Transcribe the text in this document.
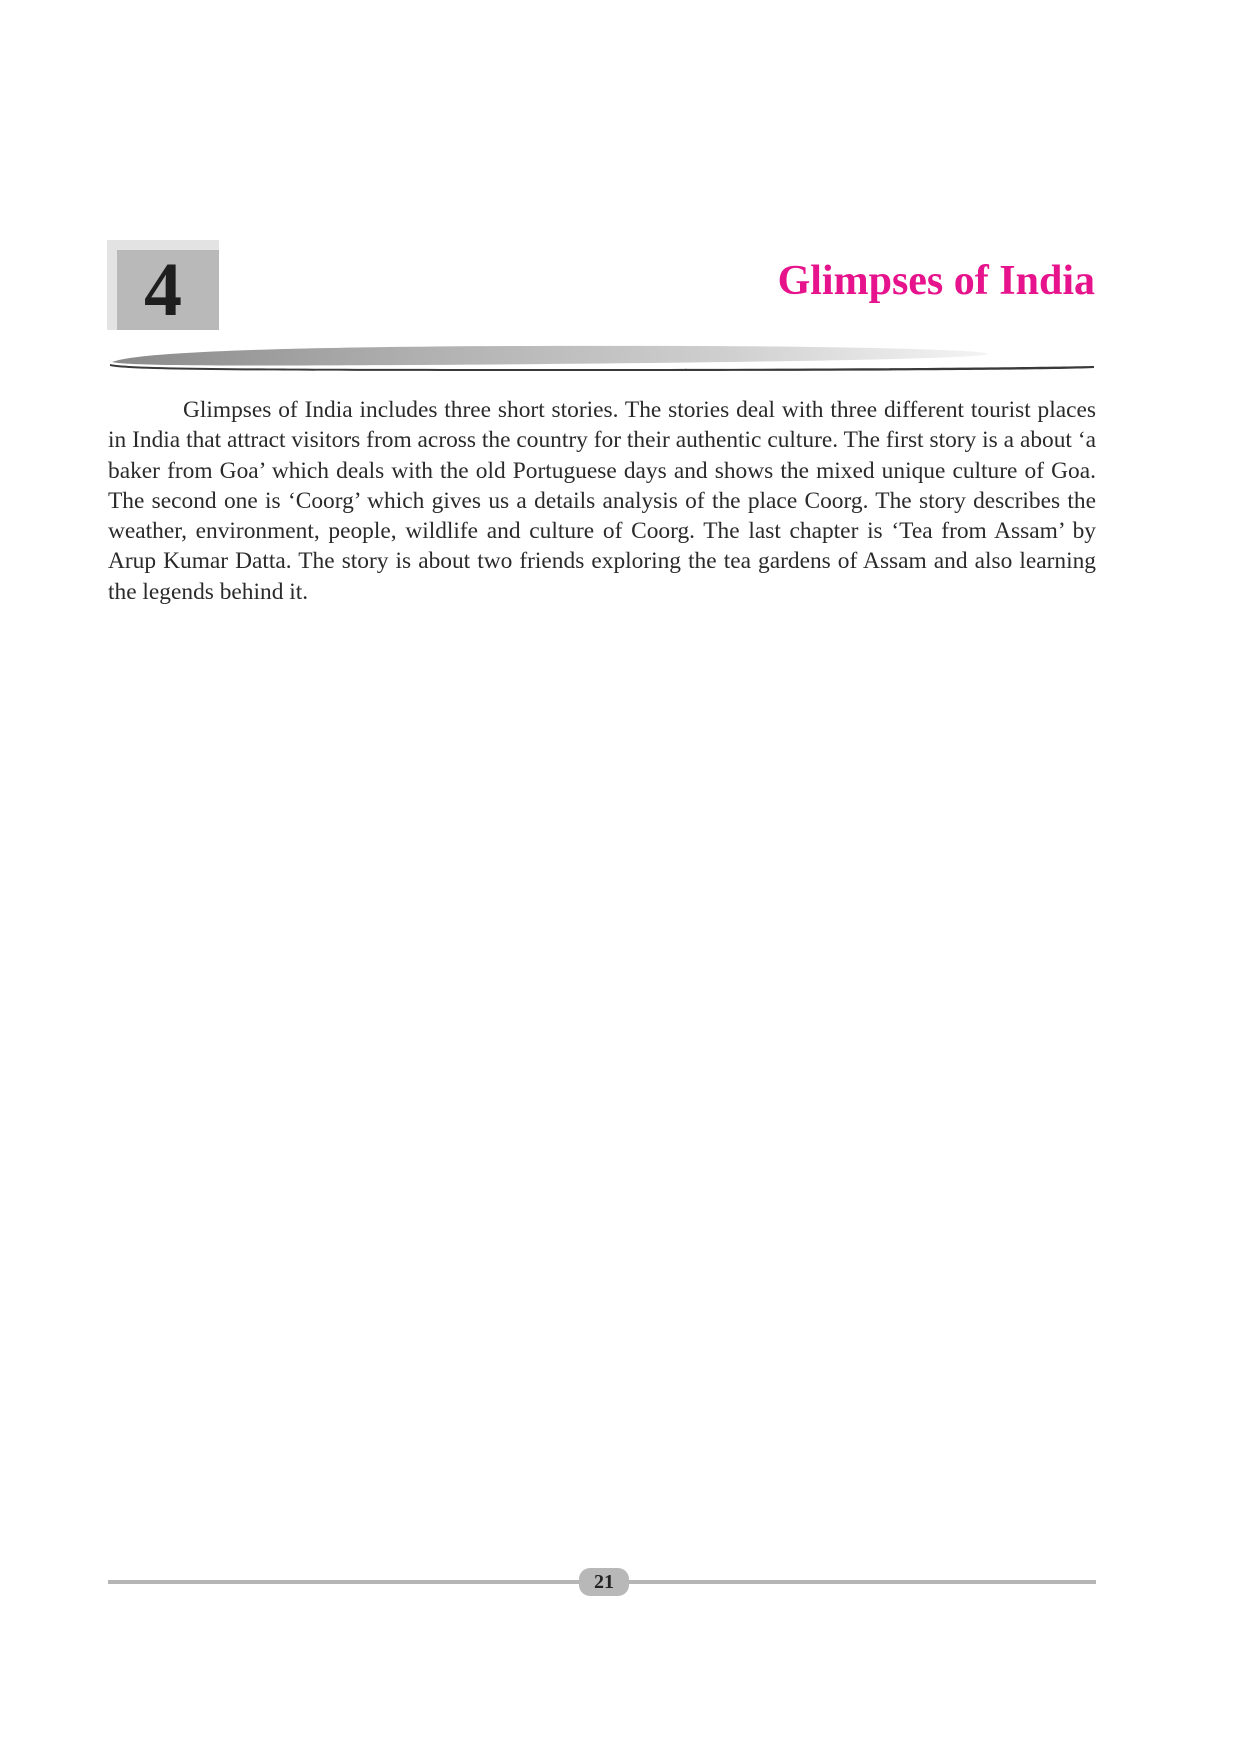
4	Glimpses of India

Glimpses of India includes three short stories. The stories deal with three different tourist places in India that attract visitors from across the country for their authentic culture. The first story is a about ‘a baker from Goa’ which deals with the old Portuguese days and shows the mixed unique culture of Goa. The second one is ‘Coorg’ which gives us a details analysis of the place Coorg. The story describes the weather, environment, people, wildlife and culture of Coorg. The last chapter is ‘Tea from Assam’ by Arup Kumar Datta. The story is about two friends exploring the tea gardens of Assam and also learning the legends behind it.

21
